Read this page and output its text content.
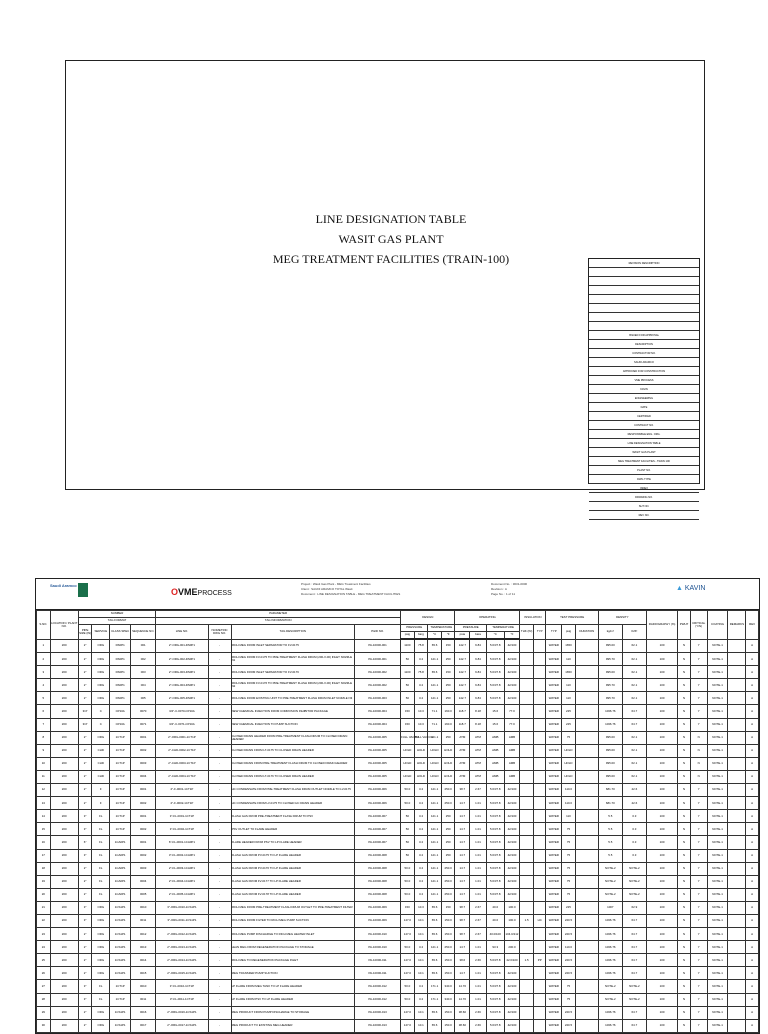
LINE DESIGNATION TABLE
WASIT GAS PLANT
MEG TREATMENT FACILITIES (TRAIN-100)	REVISION DESCRIPTION
ISSUED FOR APPROVAL
DESCRIPTION
CONTRACTOR NO.
SAUDI ARAMCO
APPROVED FOR CONSTRUCTION
VME PROCESS
KAVIN
ENGINEERING
DATE
CERTIFIED
CONTRACT NO.
RESPONSIBLE ENG. ORG.
LINE DESIGNATION TABLE
WASIT GAS PLANT
MEG TREATMENT FACILITIES - TRAIN 100
PLANT NO.
DWG TYPE
INDEX
DRAWING NO.
SHT NO.
REV NO.
Saudi Aramco
OVMEPROCESS
Project : Wasit Gas Plant - MEG Treatment Facilities
Client : SAUDI ARAMCO TOTAL Wasit
Document : LINE DESIGNATION TABLE - MEG TREATMENT FACILITIES
Document No. : 3031-0000
Revision : A
Page No. : 1 of 11
▲ KAVIN
S.NO.	LOCATION / PLANT NO.	NUMBER				PARAMETER				DESIGN				OPERATING				INSULATION		TEST PRESSURE			DENSITY		RADIOGRAPHY (%)	PWHT	CRITICAL (Y/N)	COATING	REMARKS	REV
		TAG FORMAT				TAG INFORMATION																								
		PIPE SIZE (IN)	SERVICE	CLASS SPEC	SEQUENCE NO.	LINE NO.	ISOMETRIC DWG NO.	TAG DESCRIPTION	P&ID NO.	PRESSURE		TEMPERATURE		PRESSURE		TEMPERATURE		THK (IN)	TYP	TYP	psig	DURATION	kg/m³	lb/ft³						
										psig	barg	°C	°F	psia	bara	°C	°F													
1	200	2"	ORG	DS0P1	001	2"-ORG-001-DS0P1	-	RICH MEG FROM INLET SEPARATOR TO FV-0175	PA-10000-001	1100	75.8	65.6	150	142.7	9.84	5.6/37.8	42/100			WATER	1650		995.00	62.1	100	N	Y	NOTE-1		A
2	200	2"	ORG	DS0P1	002	2"-ORG-002-DS0P1	-	RICH MEG FROM FV-0175 TO PRE-TREATMENT FLASH DRUM (200-V-00) INLET NOZZLE N1	PA-10000-001	50	3.4	121.1	250	142.7	9.84	5.6/37.8	42/100			WATER	110		995.70	62.1	100	N	Y	NOTE-1		A
3	200	2"	ORG	DS0P1	003	2"-ORG-003-DS0P1	-	RICH MEG FROM INLET SEPARATOR TO FV-0176	PA-10000-002	1100	75.8	65.6	150	142.7	9.84	5.6/37.8	42/100			WATER	1650		995.00	62.1	100	N	Y	NOTE-1		A
4	200	2"	ORG	DS0P1	004	2"-ORG-004-DS0P1	-	RICH MEG FROM FV-0176 TO PRE-TREATMENT FLASH DRUM (200-V-00) INLET NOZZLE N2	PA-10000-002	50	3.4	121.1	250	142.7	9.84	5.6/37.8	42/100			WATER	110		995.70	62.1	100	N	Y	NOTE-1		A
5	200	2"	ORG	DS0P1	005	2"-ORG-005-DS0P1	-	RICH MEG FROM EXISTING UNIT TO PRE-TREATMENT FLASH DRUM INLET NOZZLE N3	PA-10000-003	50	3.4	121.1	250	142.7	9.84	5.6/37.8	42/100			WATER	110		995.70	62.1	100	N	Y	NOTE-1		A
6	200	3/4"	C	CP10A	0070	3/4"-C-0070-CP10A	-	NEW CHEMICAL INJECTION FROM CORROSION INHIBITOR PACKAGE	PA-10000-004	150	10.3	71.1	160.0	118.7	8.18	15.6	77.0			WATER	225		1036.76	64.7	100	N	Y	NOTE-1		A
7	200	3/4"	C	CP10A	0071	3/4"-C-0071-CP10A	-	NEW CHEMICAL INJECTION TO PUMP SUCTION	PA-10000-004	150	10.3	71.1	160.0	118.7	8.18	15.6	77.0			WATER	225		1036.76	64.7	100	N	Y	NOTE-1		A
8	200	2"	ORG	1CT1P	0001	2"-ORG-0001-1CT1P	-	CLOSED DRAIN HEADER FROM PRE-TREATMENT FLASH DRUM TO CLOSED DRAIN HEADER	PA-10000-005	FULL VAC/50	FULL VAC/3.4	121.1	250	ATM	ATM	AMB	AMB			WATER	75		995.00	62.1	100	N	N	NOTE-1		A
9	200	2"	CHD	1CT1P	0002	2"-CHD-0002-1CT1P	-	CLOSED DRAIN FROM LT-0175 TO CLOSED DRAIN HEADER	PA-10000-005	HOLD	HOLD	HOLD	HOLD	ATM	ATM	AMB	AMB			WATER	HOLD		995.00	62.1	100	N	N	NOTE-1		A
10	200	2"	CHD	1CT1P	0003	2"-CHD-0003-1CT1P	-	CLOSED DRAIN FROM PRE-TREATMENT FLASH DRUM TO CLOSED DRAIN HEADER	PA-10000-005	HOLD	HOLD	HOLD	HOLD	ATM	ATM	AMB	AMB			WATER	HOLD		995.00	62.1	100	N	N	NOTE-1		A
11	200	2"	CHD	1CT1P	0004	2"-CHD-0004-1CT1P	-	CLOSED DRAIN FROM LT-0176 TO CLOSED DRAIN HEADER	PA-10000-005	HOLD	HOLD	HOLD	HOLD	ATM	ATM	AMB	AMB			WATER	HOLD		995.00	62.1	100	N	N	NOTE-1		A
12	200	2"	F	1CT1P	0001	2"-F-0001-1CT1P	-	HC CONDENSATE FROM PRE-TREATMENT FLASH DRUM OUTLET NOZZLE TO LV-0175	PA-10000-006	50.0	3.4	121.1	250.0	38.7	2.67	5.6/37.8	42/100			WATER	110.0		681.70	42.6	100	N	Y	NOTE-1		A
13	200	2"	F	1CT1P	0002	2"-F-0002-1CT1P	-	HC CONDENSATE FROM LV-0175 TO CLOSED HC DRAIN HEADER	PA-10000-006	50.0	3.4	121.1	250.0	14.7	1.01	5.6/37.8	42/100			WATER	110.0		681.70	42.6	100	N	Y	NOTE-1		A
14	200	3"	FL	1CT1P	0001	3"-FL-0001-1CT1P	-	FLASH GAS FROM PRE-TREATMENT FLASH DRUM TO PSV	PA-10000-007	50	3.4	121.1	250	14.7	1.01	5.6/37.8	42/100			WATER	110		5.5	0.3	100	N	Y	NOTE-1		A
15	200	3"	FL	1CT1P	0002	3"-FL-0002-1CT1P	-	PSV OUTLET TO FLARE HEADER	PA-10000-007	50	3.4	121.1	250	14.7	1.01	5.6/37.8	42/100			WATER	75		5.5	0.3	100	N	Y	NOTE-1		A
16	200	6"	FL	1CA0P1	0001	6"-FL-0001-1CA0P1	-	FLARE HEADER FROM PSV TO LP FLARE HEADER	PA-10000-007	50	3.4	121.1	250	14.7	1.01	5.6/37.8	42/100			WATER	75		5.5	0.3	100	N	Y	NOTE-1		A
17	200	3"	FL	1CA0P1	0002	3"-FL-0002-1CA0P1	-	FLASH GAS FROM PV-0175 TO LP FLARE HEADER	PA-10000-008	50	3.4	121.1	250	14.7	1.01	5.6/37.8	42/100			WATER	75		5.5	0.3	100	N	Y	NOTE-1		A
18	200	2"	FL	1CA0P1	0003	2"-FL-0003-1CA0P1	-	FLASH GAS FROM PV-0176 TO LP FLARE HEADER	PA-10000-008	50.0	3.4	121.1	250.0	14.7	1.01	5.6/37.8	42/100			WATER	75		NOTE-2	NOTE-2	100	N	Y	NOTE-1		A
19	200	2"	FL	1CA0P1	0004	2"-FL-0004-1CA0P1	-	FLASH GAS FROM FV-0177 TO LP FLARE HEADER	PA-10000-008	50.0	3.4	121.1	250.0	14.7	1.01	5.6/37.8	42/100			WATER	75		NOTE-2	NOTE-2	100	N	Y	NOTE-1		A
20	200	2"	FL	1CA0P1	0005	2"-FL-0005-1CA0P1	-	FLASH GAS FROM FV-0178 TO LP FLARE HEADER	PA-10000-008	50.0	3.4	121.1	250.0	14.7	1.01	5.6/37.8	42/100			WATER	75		NOTE-2	NOTE-2	100	N	Y	NOTE-1		A
21	200	3"	ORG	1CS1P1	0010	3"-ORG-0010-1CS1P1	-	RICH MEG FROM PRE-TREATMENT FLASH DRUM OUTLET TO PRE-TREATMENT FILTER	PA-10000-009	150	10.3	65.6	150	38.7	2.67	40.0	100.0			WATER	225		1007	62.9	100	N	Y	NOTE-1		A
22	200	3"	ORG	1CS1P1	0011	3"-ORG-0011-1CS1P1	-	RICH MEG FROM FILTER TO RICH MEG PUMP SUCTION	PA-10000-009	147.0	10.1	65.6	150.0	38.7	2.67	40.0	100.0	1.5	HC	WATER	220.5		1036.76	64.7	100	N	Y	NOTE-1		A
23	200	2"	ORG	1CS1P1	0012	2"-ORG-0012-1CS1P1	-	RICH MEG PUMP DISCHARGE TO RICH MEG HEATER INLET	PA-10000-010	147.0	10.1	65.6	150.0	38.7	2.67	40.0/100	104.0/212			WATER	220.5		1036.76	64.7	100	N	Y	NOTE-1		A
24	200	2"	ORG	1CS1P1	0013	2"-ORG-0013-1CS1P1	-	LEAN MEG FROM REGENERATION PACKAGE TO STORAGE	PA-10000-010	50.0	3.4	121.1	250.0	14.7	1.01	93.3	200.0			WATER	110.0		1036.76	64.7	100	N	Y	NOTE-1		A
25	200	2"	ORG	1CS1P1	0014	2"-ORG-0014-1CS1P1	-	RICH MEG TO REGENERATION PACKAGE INLET	PA-10000-011	147.0	10.1	65.6	150.0	38.6	2.66	5.6/37.8	42.0/100	1.5	PP	WATER	220.5		1036.76	64.7	100	N	Y	NOTE-1		A
26	200	2"	ORG	1CS1P1	0015	2"-ORG-0015-1CS1P1	-	MEG TRANSFER PUMP SUCTION	PA-10000-011	147.0	10.1	65.6	150.0	14.7	1.01	5.6/37.8	42/100			WATER	220.5		1036.76	64.7	100	N	Y	NOTE-1		A
27	200	3"	FL	1CT1P	0010	3"-FL-0010-1CT1P	-	LP FLARE FROM MEG TANK TO LP FLARE HEADER	PA-10000-012	50.0	3.4	171.1	340.0	14.70	1.01	5.6/37.8	42/100			WATER	75		NOTE-2	NOTE-2	100	N	Y	NOTE-1		A
28	200	3"	FL	1CT1P	0011	3"-FL-0011-1CT1P	-	LP FLARE FROM PSV TO LP FLARE HEADER	PA-10000-012	50.0	3.4	171.1	340.0	14.70	1.01	5.6/37.8	42/100			WATER	75		NOTE-2	NOTE-2	100	N	Y	NOTE-1		A
29	200	2"	ORG	1CS1P1	0016	2"-ORG-0016-1CS1P1	-	MEG PRODUCT FROM PUMP DISCHARGE TO STORAGE	PA-10000-013	147.0	10.1	65.6	150.0	38.60	2.66	5.6/37.8	42/100			WATER	220.5		1036.76	64.7	100	N	Y	NOTE-1		A
30	200	2"	ORG	1CS1P1	0017	2"-ORG-0017-1CS1P1	-	MEG PRODUCT TO EXISTING MEG HEADER	PA-10000-013	147.0	10.1	65.6	150.0	38.60	2.66	5.6/37.8	42/100			WATER	220.5		1036.76	64.7	100	N	Y	NOTE-1		A
